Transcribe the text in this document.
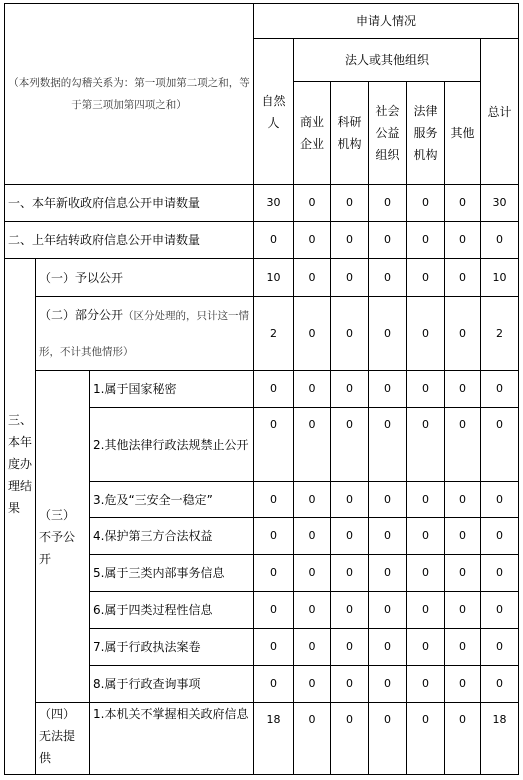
（本列数据的勾稽关系为：第一项加第二项之和，等于第三项加第四项之和）			申请人情况						
			自然人	法人或其他组织					总计
				商业企业	科研机构	社会公益组织	法律服务机构	其他	
一、本年新收政府信息公开申请数量			30	0	0	0	0	0	30
二、上年结转政府信息公开申请数量			0	0	0	0	0	0	0
三、本年度办理结果	（一）予以公开		10	0	0	0	0	0	10
	（二）部分公开（区分处理的，只计这一情形，不计其他情形）		2	0	0	0	0	0	2
	（三）不予公开	1.属于国家秘密	0	0	0	0	0	0	0
		2.其他法律行政法规禁止公开	0	0	0	0	0	0	0
		3.危及“三安全一稳定”	0	0	0	0	0	0	0
		4.保护第三方合法权益	0	0	0	0	0	0	0
		5.属于三类内部事务信息	0	0	0	0	0	0	0
		6.属于四类过程性信息	0	0	0	0	0	0	0
		7.属于行政执法案卷	0	0	0	0	0	0	0
		8.属于行政查询事项	0	0	0	0	0	0	0
	（四）无法提供	1.本机关不掌握相关政府信息	18	0	0	0	0	0	18
